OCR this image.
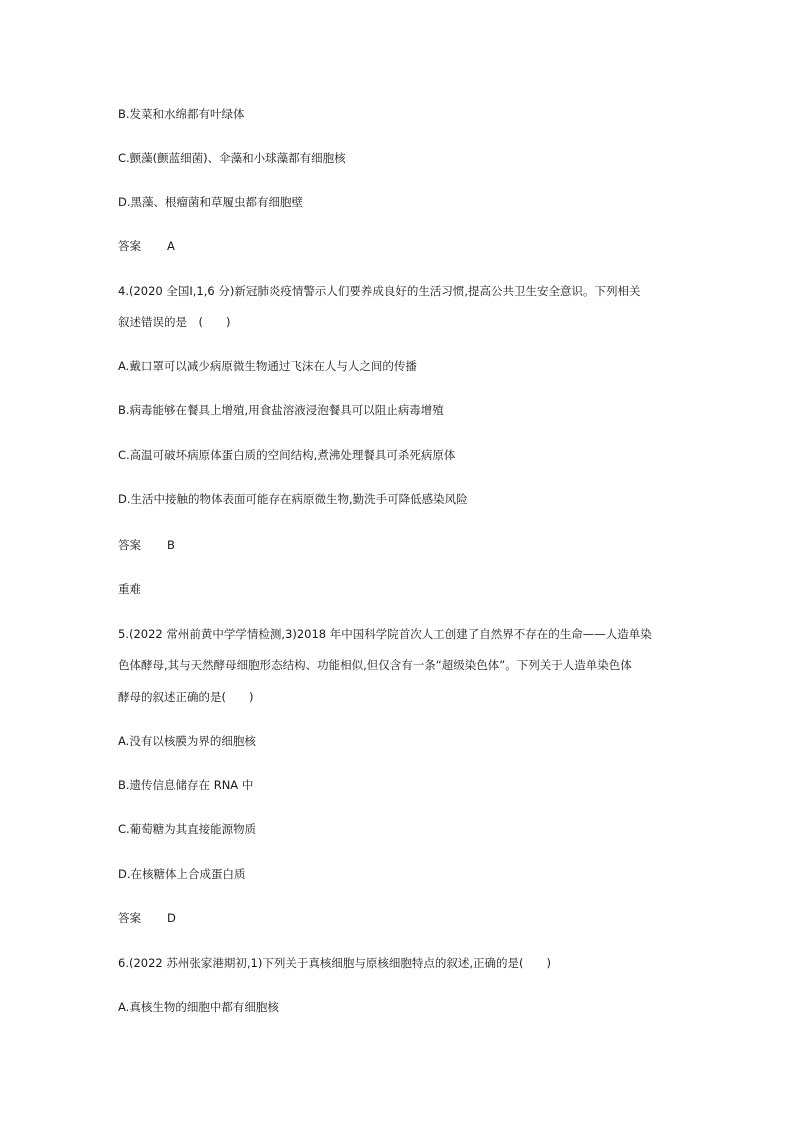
B.发菜和水绵都有叶绿体
C.颤藻(颤蓝细菌)、伞藻和小球藻都有细胞核
D.黑藻、根瘤菌和草履虫都有细胞壁
答案 A
4.(2020 全国Ⅰ,1,6 分)新冠肺炎疫情警示人们要养成良好的生活习惯,提高公共卫生安全意识。下列相关
叙述错误的是　(　　)
A.戴口罩可以减少病原微生物通过飞沫在人与人之间的传播
B.病毒能够在餐具上增殖,用食盐溶液浸泡餐具可以阻止病毒增殖
C.高温可破坏病原体蛋白质的空间结构,煮沸处理餐具可杀死病原体
D.生活中接触的物体表面可能存在病原微生物,勤洗手可降低感染风险
答案 B
重难
5.(2022 常州前黄中学学情检测,3)2018 年中国科学院首次人工创建了自然界不存在的生命——人造单染
色体酵母,其与天然酵母细胞形态结构、功能相似,但仅含有一条“超级染色体”。下列关于人造单染色体
酵母的叙述正确的是(　　)
A.没有以核膜为界的细胞核
B.遗传信息储存在 RNA 中
C.葡萄糖为其直接能源物质
D.在核糖体上合成蛋白质
答案 D
6.(2022 苏州张家港期初,1)下列关于真核细胞与原核细胞特点的叙述,正确的是(　　)
A.真核生物的细胞中都有细胞核
